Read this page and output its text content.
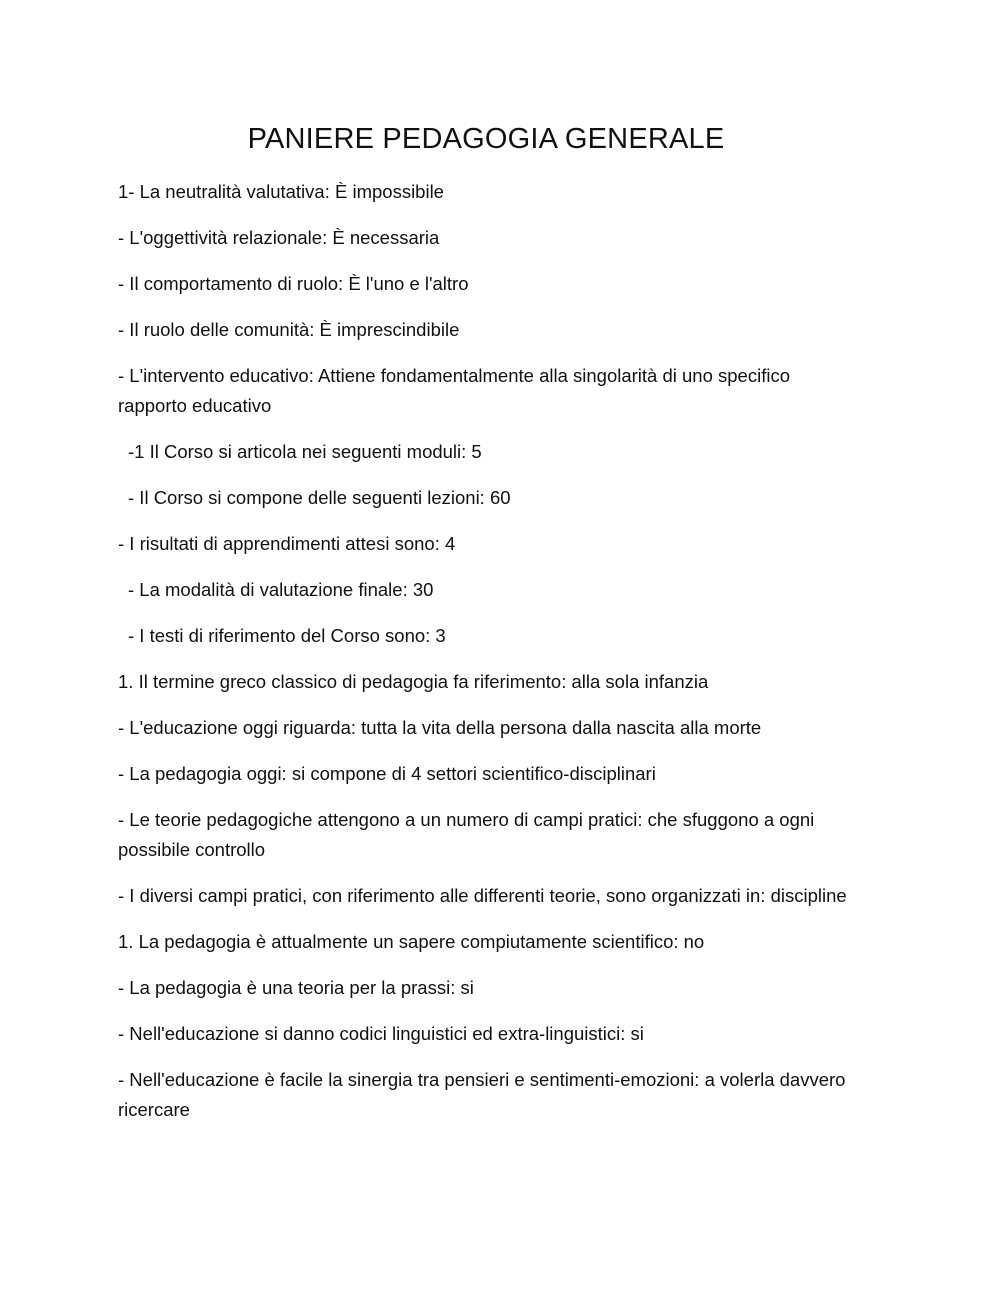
PANIERE PEDAGOGIA GENERALE

1- La neutralità valutativa: È impossibile

- L'oggettività relazionale: È necessaria

- Il comportamento di ruolo: È l'uno e l'altro

- Il ruolo delle comunità: È imprescindibile

- L'intervento educativo: Attiene fondamentalmente alla singolarità di uno specifico rapporto educativo

-1 Il Corso si articola nei seguenti moduli: 5

- Il Corso si compone delle seguenti lezioni: 60

- I risultati di apprendimenti attesi sono: 4

- La modalità di valutazione finale: 30

- I testi di riferimento del Corso sono: 3

1. Il termine greco classico di pedagogia fa riferimento: alla sola infanzia

- L'educazione oggi riguarda: tutta la vita della persona dalla nascita alla morte

- La pedagogia oggi: si compone di 4 settori scientifico-disciplinari

- Le teorie pedagogiche attengono a un numero di campi pratici: che sfuggono a ogni possibile controllo

- I diversi campi pratici, con riferimento alle differenti teorie, sono organizzati in: discipline

1. La pedagogia è attualmente un sapere compiutamente scientifico: no

- La pedagogia è una teoria per la prassi: si

- Nell'educazione si danno codici linguistici ed extra-linguistici: si

- Nell'educazione è facile la sinergia tra pensieri e sentimenti-emozioni: a volerla davvero ricercare
